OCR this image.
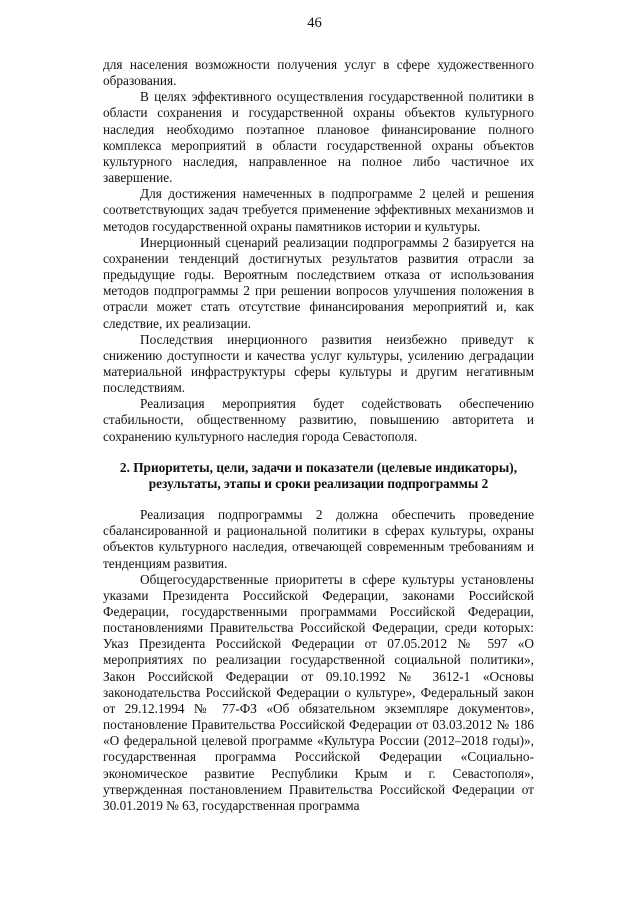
46

для населения возможности получения услуг в сфере художественного образования.

В целях эффективного осуществления государственной политики в области сохранения и государственной охраны объектов культурного наследия необходимо поэтапное плановое финансирование полного комплекса мероприятий в области государственной охраны объектов культурного наследия, направленное на полное либо частичное их завершение.

Для достижения намеченных в подпрограмме 2 целей и решения соответствующих задач требуется применение эффективных механизмов и методов государственной охраны памятников истории и культуры.

Инерционный сценарий реализации подпрограммы 2 базируется на сохранении тенденций достигнутых результатов развития отрасли за предыдущие годы. Вероятным последствием отказа от использования методов подпрограммы 2 при решении вопросов улучшения положения в отрасли может стать отсутствие финансирования мероприятий и, как следствие, их реализации.

Последствия инерционного развития неизбежно приведут к снижению доступности и качества услуг культуры, усилению деградации материальной инфраструктуры сферы культуры и другим негативным последствиям.

Реализация мероприятия будет содействовать обеспечению стабильности, общественному развитию, повышению авторитета и сохранению культурного наследия города Севастополя.

2. Приоритеты, цели, задачи и показатели (целевые индикаторы), результаты, этапы и сроки реализации подпрограммы 2

Реализация подпрограммы 2 должна обеспечить проведение сбалансированной и рациональной политики в сферах культуры, охраны объектов культурного наследия, отвечающей современным требованиям и тенденциям развития.

Общегосударственные приоритеты в сфере культуры установлены указами Президента Российской Федерации, законами Российской Федерации, государственными программами Российской Федерации, постановлениями Правительства Российской Федерации, среди которых: Указ Президента Российской Федерации от 07.05.2012 № 597 «О мероприятиях по реализации государственной социальной политики», Закон Российской Федерации от 09.10.1992 № 3612-1 «Основы законодательства Российской Федерации о культуре», Федеральный закон от 29.12.1994 № 77-ФЗ «Об обязательном экземпляре документов», постановление Правительства Российской Федерации от 03.03.2012 № 186 «О федеральной целевой программе «Культура России (2012–2018 годы)», государственная программа Российской Федерации «Социально-экономическое развитие Республики Крым и г. Севастополя», утвержденная постановлением Правительства Российской Федерации от 30.01.2019 № 63, государственная программа
